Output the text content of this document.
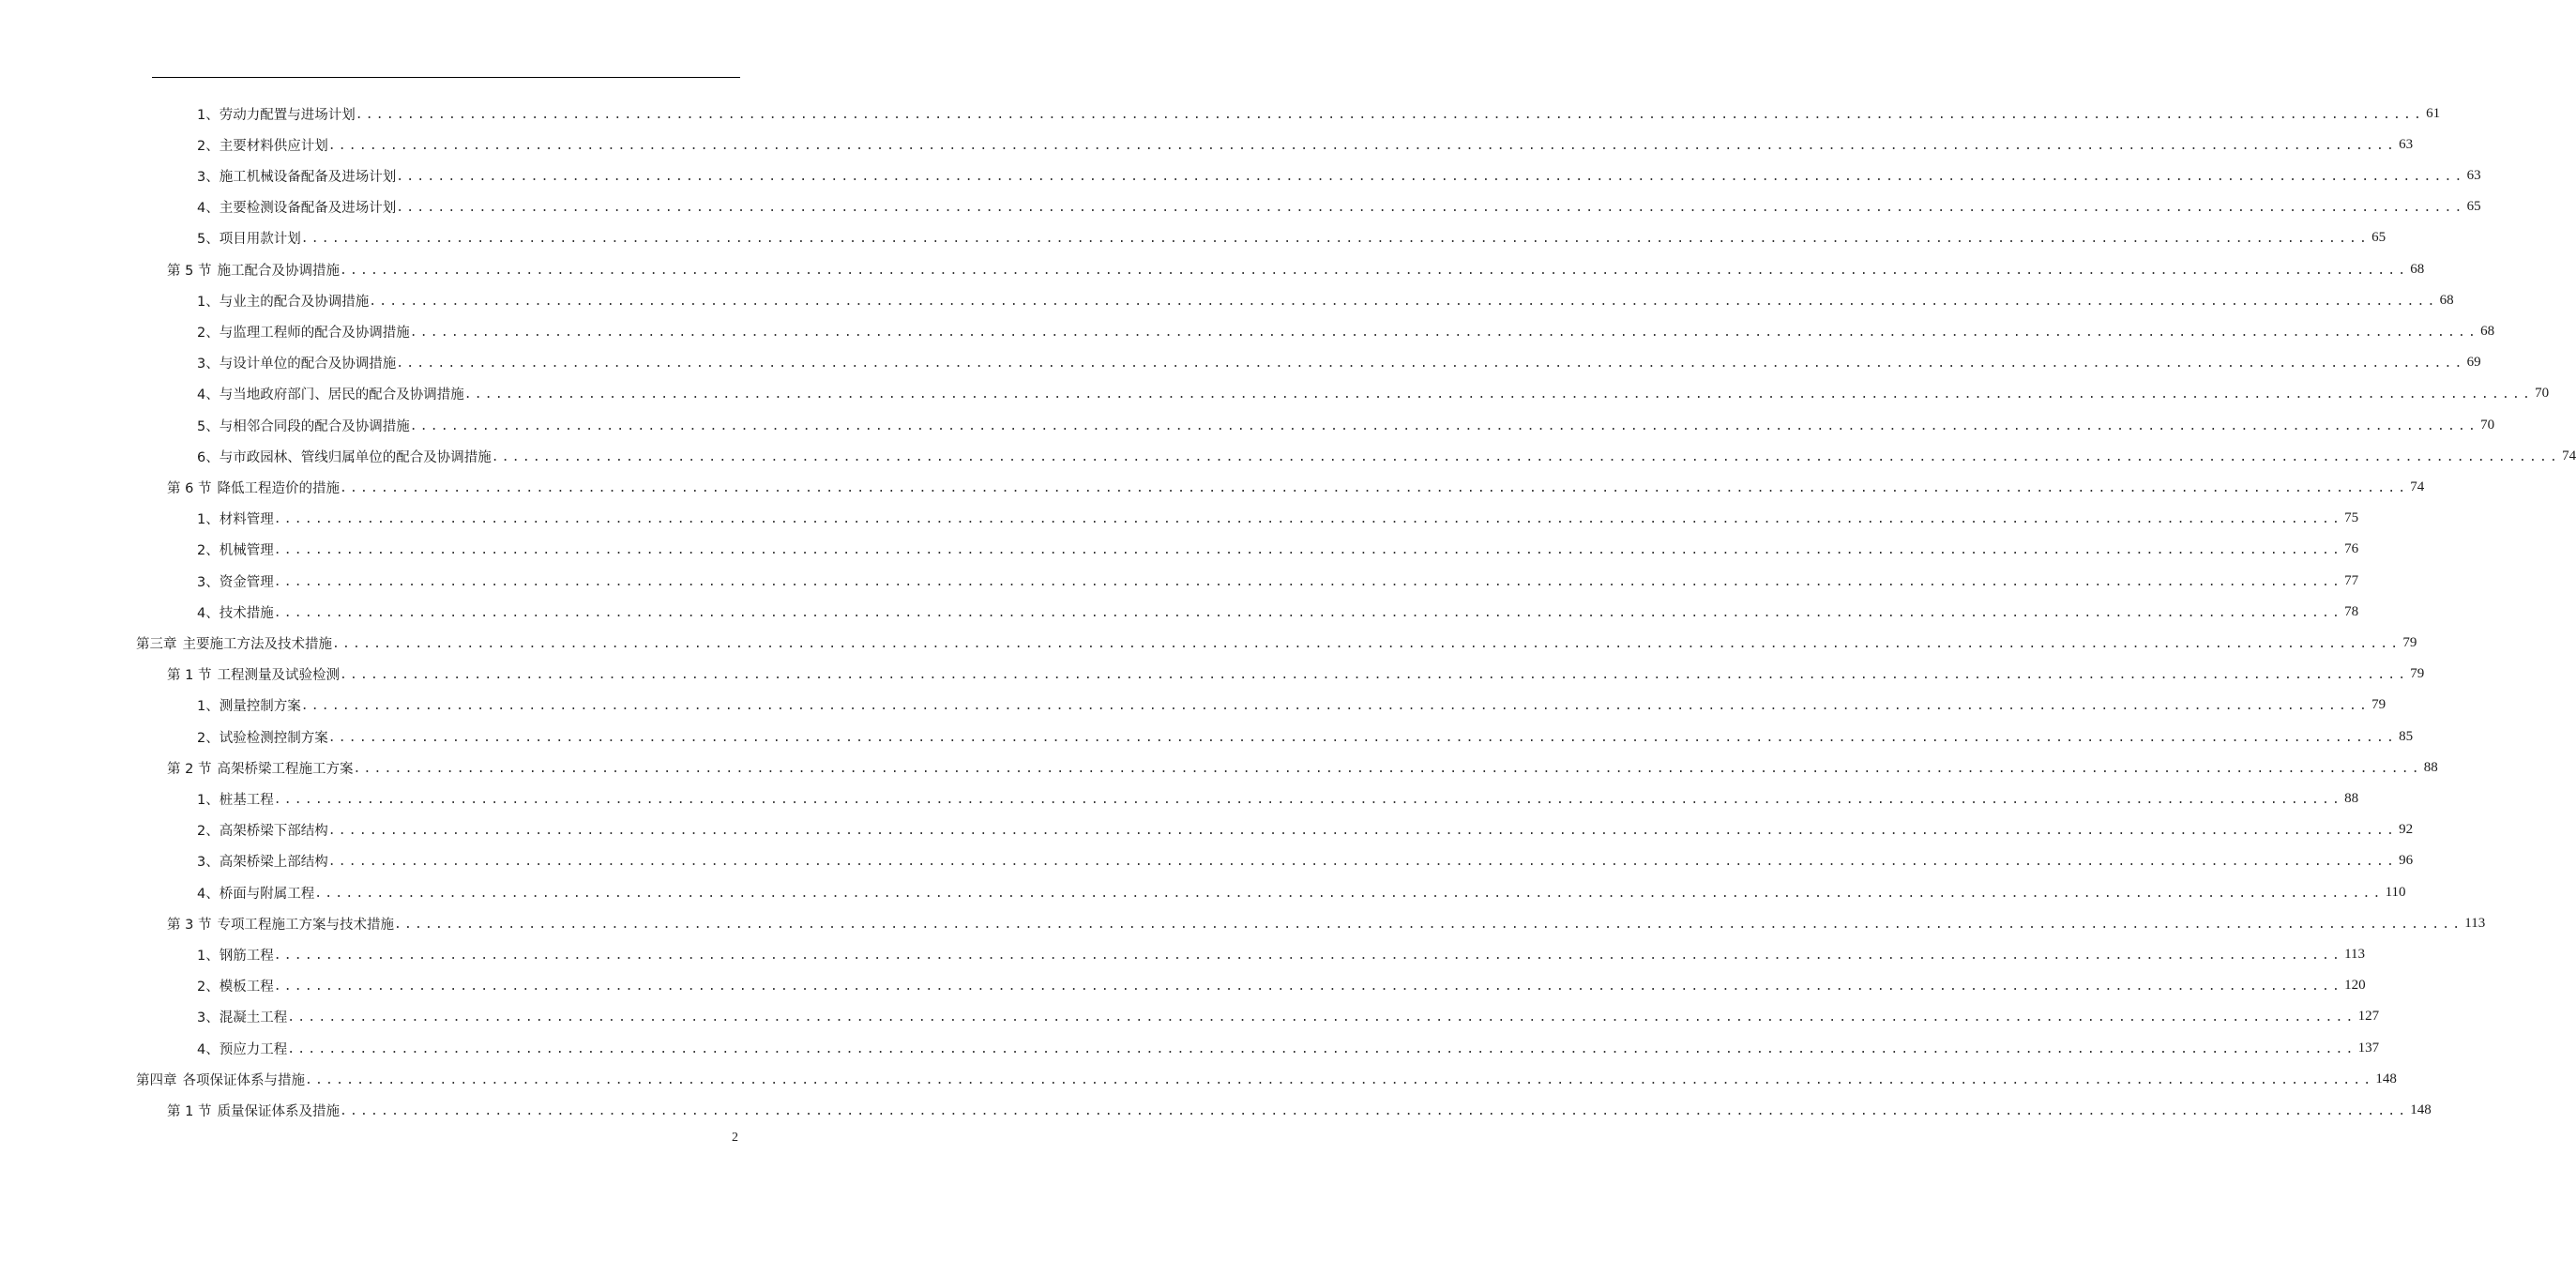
1、 劳动力配置与进场计划 ........................................................................................................................................................................................................ 61
2、 主要材料供应计划 ........................................................................................................................................................................................................ 63
3、 施工机械设备配备及进场计划 ........................................................................................................................................................................................................ 63
4、 主要检测设备配备及进场计划 ........................................................................................................................................................................................................ 65
5、 项目用款计划 ........................................................................................................................................................................................................ 65
第 5 节 施工配合及协调措施 ........................................................................................................................................................................................................ 68
1、 与业主的配合及协调措施 ........................................................................................................................................................................................................ 68
2、 与监理工程师的配合及协调措施 ........................................................................................................................................................................................................ 68
3、 与设计单位的配合及协调措施 ........................................................................................................................................................................................................ 69
4、 与当地政府部门、居民的配合及协调措施 ........................................................................................................................................................................................................ 70
5、 与相邻合同段的配合及协调措施 ........................................................................................................................................................................................................ 70
6、 与市政园林、管线归属单位的配合及协调措施 ........................................................................................................................................................................................................ 74
第 6 节 降低工程造价的措施 ........................................................................................................................................................................................................ 74
1、 材料管理 ........................................................................................................................................................................................................ 75
2、 机械管理 ........................................................................................................................................................................................................ 76
3、 资金管理 ........................................................................................................................................................................................................ 77
4、 技术措施 ........................................................................................................................................................................................................ 78
第三章 主要施工方法及技术措施 ........................................................................................................................................................................................................ 79
第 1 节 工程测量及试验检测 ........................................................................................................................................................................................................ 79
1、 测量控制方案 ........................................................................................................................................................................................................ 79
2、 试验检测控制方案 ........................................................................................................................................................................................................ 85
第 2 节 高架桥梁工程施工方案 ........................................................................................................................................................................................................ 88
1、 桩基工程 ........................................................................................................................................................................................................ 88
2、 高架桥梁下部结构 ........................................................................................................................................................................................................ 92
3、 高架桥梁上部结构 ........................................................................................................................................................................................................ 96
4、 桥面与附属工程 ........................................................................................................................................................................................................ 110
第 3 节 专项工程施工方案与技术措施 ........................................................................................................................................................................................................ 113
1、 钢筋工程 ........................................................................................................................................................................................................ 113
2、 模板工程 ........................................................................................................................................................................................................ 120
3、 混凝土工程 ........................................................................................................................................................................................................ 127
4、 预应力工程 ........................................................................................................................................................................................................ 137
第四章 各项保证体系与措施 ........................................................................................................................................................................................................ 148
第 1 节 质量保证体系及措施 ........................................................................................................................................................................................................ 148
2
